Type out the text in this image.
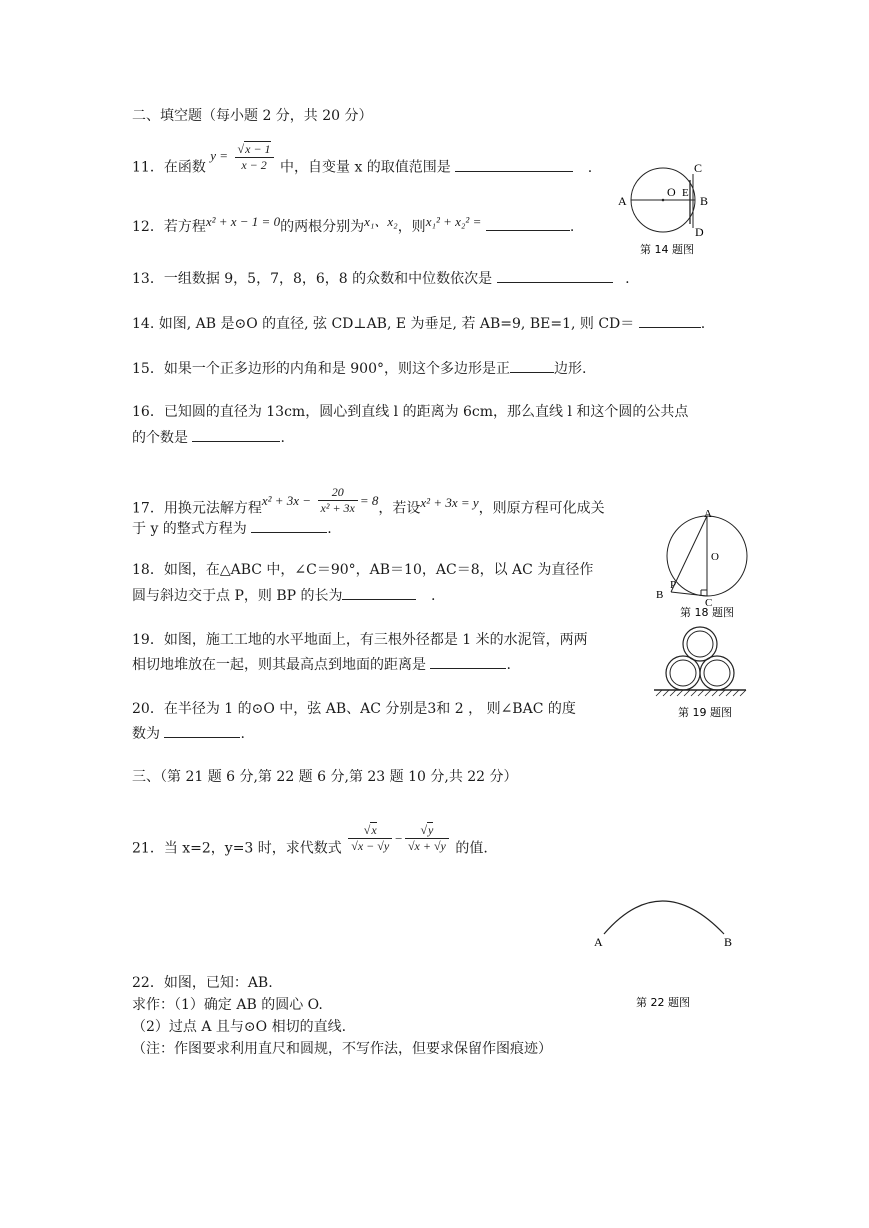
二、填空题（每小题 2 分，共 20 分）
11．在函数 $y = \frac{√x - 1}{x - 2}$ 中，自变量 x 的取值范围是	.
12．若方程x² + x − 1 = 0的两根分别为x₁、x₂，则x₁² + x₂² =	.
A
O E
B
C
D
第 14 题图
13．一组数据 9，5，7，8，6，8 的众数和中位数依次是	.
14. 如图, AB 是⊙O 的直径, 弦 CD⊥AB, E 为垂足, 若 AB=9, BE=1, 则 CD＝	.
15．如果一个正多边形的内角和是 900°，则这个多边形是正	边形.
16．已知圆的直径为 13cm，圆心到直线 l 的距离为 6cm，那么直线 l 和这个圆的公共点
的个数是	.
17．用换元法解方程$x^2 + 3x - \frac{20}{\text{x² + 3x}} = 8$，若设x² + 3x = y，则原方程可化成关
于 y 的整式方程为	.
A
O
P
B
C
第 18 题图
18．如图，在△ABC 中，∠C＝90°，AB＝10，AC＝8，以 AC 为直径作
圆与斜边交于点 P，则 BP 的长为	.
第 19 题图
19．如图，施工工地的水平地面上，有三根外径都是 1 米的水泥管，两两
相切地堆放在一起，则其最高点到地面的距离是	.
20．在半径为 1 的⊙O 中，弦 AB、AC 分别是3和 2 ， 则∠BAC 的度
数为	.
三、（第 21 题 6 分,第 22 题 6 分,第 23 题 10 分,共 22 分）
21．当 x=2，y=3 时，求代数式 $\frac{√x}{√x - √y} - \frac{√y}{√x + √y}$ 的值.
A	B
第 22 题图
22．如图，已知：AB.
求作：（1）确定 AB 的圆心 O.
（2）过点 A 且与⊙O 相切的直线.
（注：作图要求利用直尺和圆规，不写作法，但要求保留作图痕迹）
